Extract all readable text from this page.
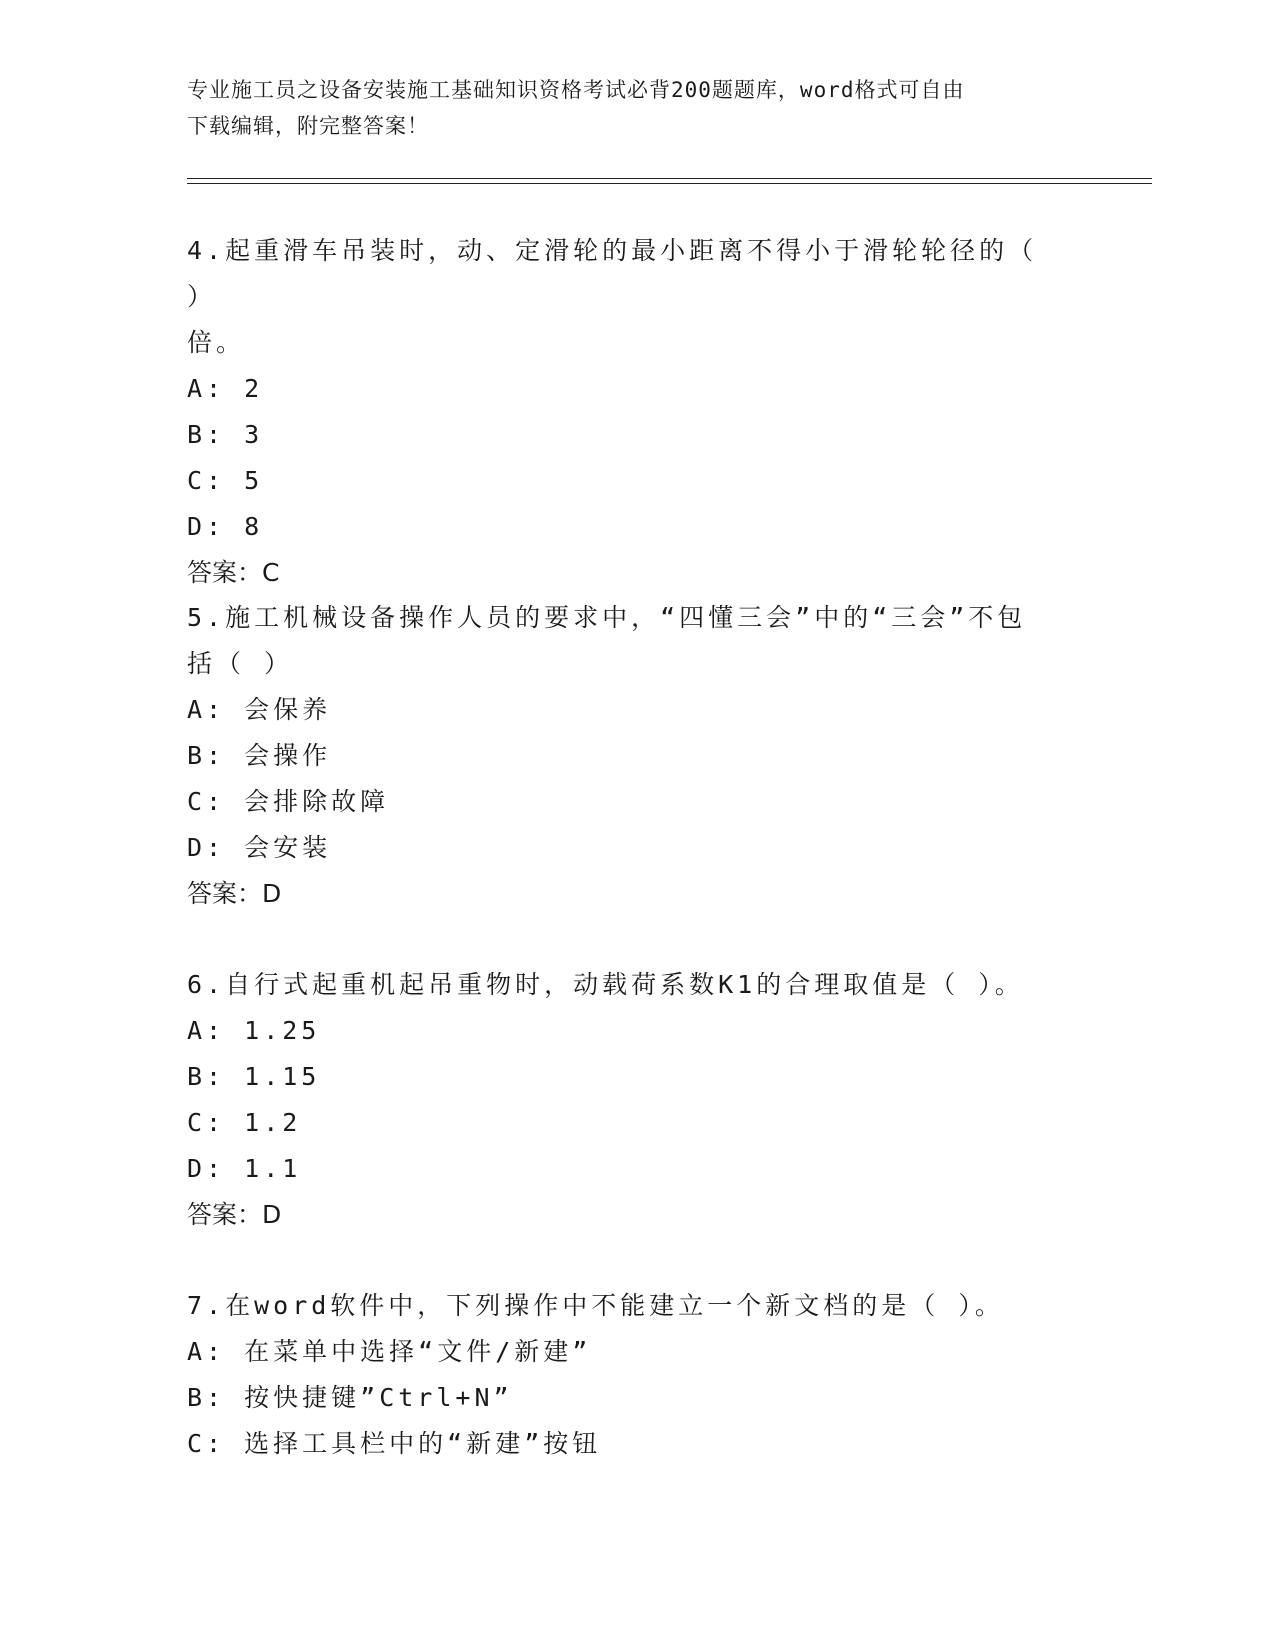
专业施工员之设备安装施工基础知识资格考试必背200题题库，word格式可自由
下载编辑，附完整答案！

4.起重滑车吊装时，动、定滑轮的最小距离不得小于滑轮轮径的（ ）

倍。

A: 2

B: 3

C: 5

D: 8

答案：C

5.施工机械设备操作人员的要求中，“四懂三会”中的“三会”不包

括（ ）

A: 会保养

B: 会操作

C: 会排除故障

D: 会安装

答案：D

6.自行式起重机起吊重物时，动载荷系数K1的合理取值是（ ）。

A: 1.25

B: 1.15

C: 1.2

D: 1.1

答案：D

7.在word软件中，下列操作中不能建立一个新文档的是（ ）。

A: 在菜单中选择“文件/新建”

B: 按快捷键”Ctrl+N”

C: 选择工具栏中的“新建”按钮
